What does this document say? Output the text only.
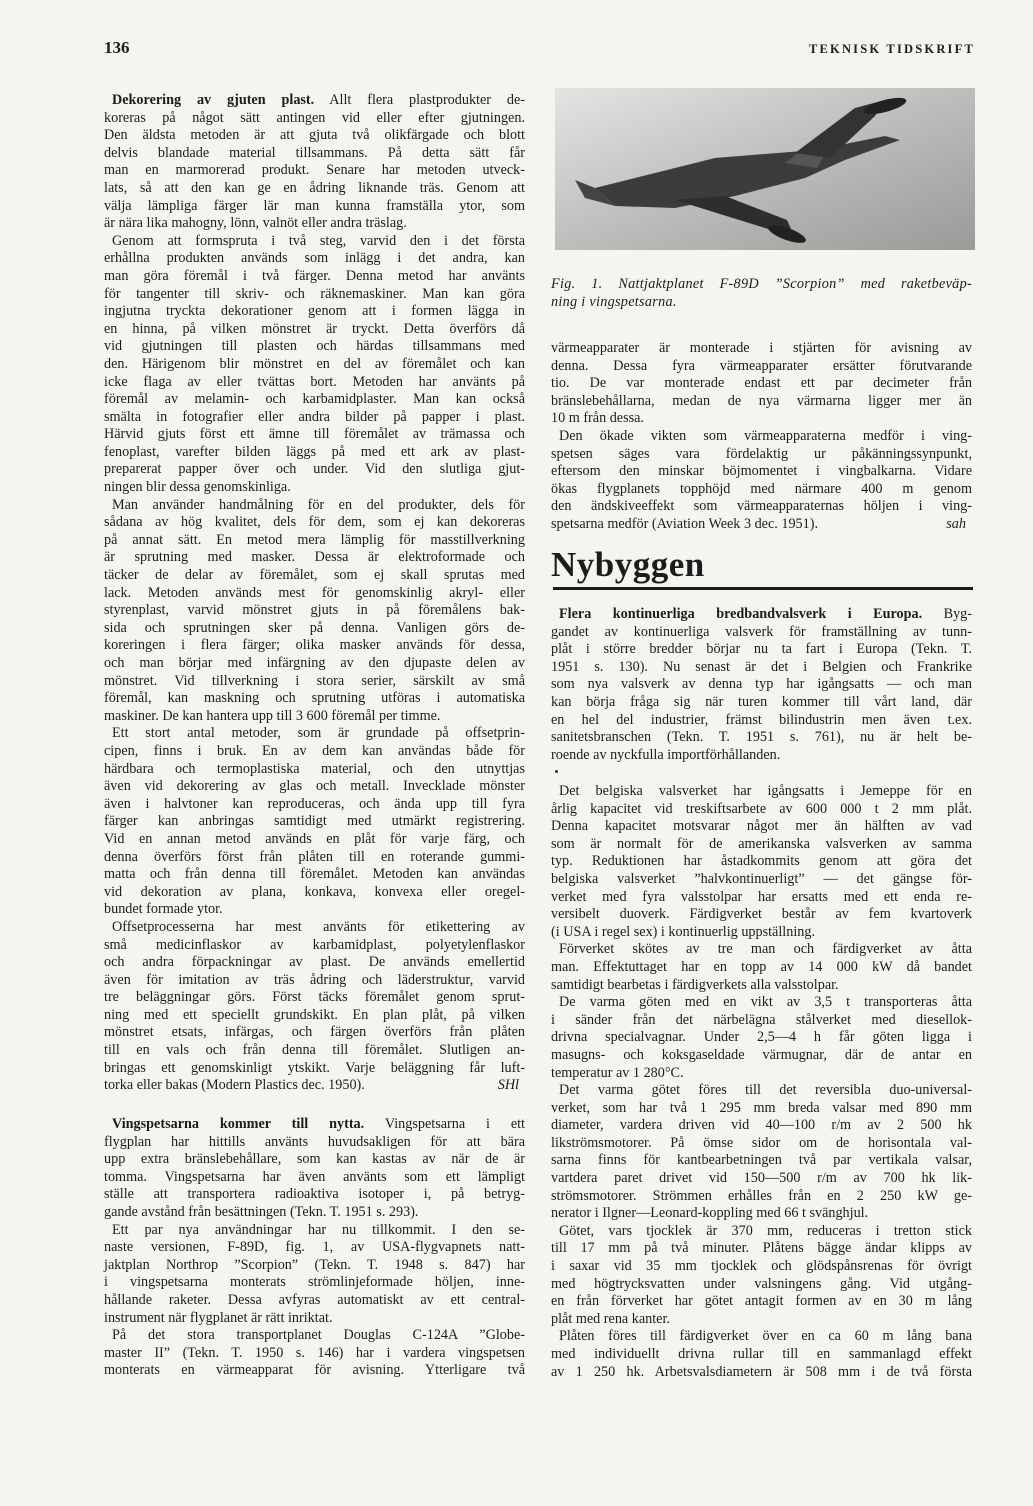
136	TEKNISK TIDSKRIFT
Dekorering av gjuten plast. Allt flera plastprodukter de-
koreras på något sätt antingen vid eller efter gjutningen.
Den äldsta metoden är att gjuta två olikfärgade och blott
delvis blandade material tillsammans. På detta sätt får
man en marmorerad produkt. Senare har metoden utveck-
lats, så att den kan ge en ådring liknande träs. Genom att
välja lämpliga färger lär man kunna framställa ytor, som
är nära lika mahogny, lönn, valnöt eller andra träslag.
Genom att formspruta i två steg, varvid den i det första
erhållna produkten används som inlägg i det andra, kan
man göra föremål i två färger. Denna metod har använts
för tangenter till skriv- och räknemaskiner. Man kan göra
ingjutna tryckta dekorationer genom att i formen lägga in
en hinna, på vilken mönstret är tryckt. Detta överförs då
vid gjutningen till plasten och härdas tillsammans med
den. Härigenom blir mönstret en del av föremålet och kan
icke flaga av eller tvättas bort. Metoden har använts på
föremål av melamin- och karbamidplaster. Man kan också
smälta in fotografier eller andra bilder på papper i plast.
Härvid gjuts först ett ämne till föremålet av trämassa och
fenoplast, varefter bilden läggs på med ett ark av plast-
preparerat papper över och under. Vid den slutliga gjut-
ningen blir dessa genomskinliga.
Man använder handmålning för en del produkter, dels för
sådana av hög kvalitet, dels för dem, som ej kan dekoreras
på annat sätt. En metod mera lämplig för masstillverkning
är sprutning med masker. Dessa är elektroformade och
täcker de delar av föremålet, som ej skall sprutas med
lack. Metoden används mest för genomskinlig akryl- eller
styrenplast, varvid mönstret gjuts in på föremålens bak-
sida och sprutningen sker på denna. Vanligen görs de-
koreringen i flera färger; olika masker används för dessa,
och man börjar med infärgning av den djupaste delen av
mönstret. Vid tillverkning i stora serier, särskilt av små
föremål, kan maskning och sprutning utföras i automatiska
maskiner. De kan hantera upp till 3 600 föremål per timme.
Ett stort antal metoder, som är grundade på offsetprin-
cipen, finns i bruk. En av dem kan användas både för
härdbara och termoplastiska material, och den utnyttjas
även vid dekorering av glas och metall. Invecklade mönster
även i halvtoner kan reproduceras, och ända upp till fyra
färger kan anbringas samtidigt med utmärkt registrering.
Vid en annan metod används en plåt för varje färg, och
denna överförs först från plåten till en roterande gummi-
matta och från denna till föremålet. Metoden kan användas
vid dekoration av plana, konkava, konvexa eller oregel-
bundet formade ytor.
Offsetprocesserna har mest använts för etikettering av
små medicinflaskor av karbamidplast, polyetylenflaskor
och andra förpackningar av plast. De används emellertid
även för imitation av träs ådring och läderstruktur, varvid
tre beläggningar görs. Först täcks föremålet genom sprut-
ning med ett speciellt grundskikt. En plan plåt, på vilken
mönstret etsats, infärgas, och färgen överförs från plåten
till en vals och från denna till föremålet. Slutligen an-
bringas ett genomskinligt ytskikt. Varje beläggning får luft-
torka eller bakas (Modern Plastics dec. 1950).	SHl
Vingspetsarna kommer till nytta. Vingspetsarna i ett
flygplan har hittills använts huvudsakligen för att bära
upp extra bränslebehållare, som kan kastas av när de är
tomma. Vingspetsarna har även använts som ett lämpligt
ställe att transportera radioaktiva isotoper i, på betryg-
gande avstånd från besättningen (Tekn. T. 1951 s. 293).
Ett par nya användningar har nu tillkommit. I den se-
naste versionen, F-89D, fig. 1, av USA-flygvapnets natt-
jaktplan Northrop ”Scorpion” (Tekn. T. 1948 s. 847) har
i vingspetsarna monterats strömlinjeformade höljen, inne-
hållande raketer. Dessa avfyras automatiskt av ett central-
instrument när flygplanet är rätt inriktat.
På det stora transportplanet Douglas C-124A ”Globe-
master II” (Tekn. T. 1950 s. 146) har i vardera vingspetsen
monterats en värmeapparat för avisning. Ytterligare två
Fig. 1. Nattjaktplanet F-89D ”Scorpion” med raketbeväp-
ning i vingspetsarna.
värmeapparater är monterade i stjärten för avisning av
denna. Dessa fyra värmeapparater ersätter förutvarande
tio. De var monterade endast ett par decimeter från
bränslebehållarna, medan de nya värmarna ligger mer än
10 m från dessa.
Den ökade vikten som värmeapparaterna medför i ving-
spetsen säges vara fördelaktig ur påkänningssynpunkt,
eftersom den minskar böjmomentet i vingbalkarna. Vidare
ökas flygplanets topphöjd med närmare 400 m genom
den ändskiveeffekt som värmeapparaternas höljen i ving-
spetsarna medför (Aviation Week 3 dec. 1951).	sah
Nybyggen
Flera kontinuerliga bredbandvalsverk i Europa. Byg-
gandet av kontinuerliga valsverk för framställning av tunn-
plåt i större bredder börjar nu ta fart i Europa (Tekn. T.
1951 s. 130). Nu senast är det i Belgien och Frankrike
som nya valsverk av denna typ har igångsatts — och man
kan börja fråga sig när turen kommer till vårt land, där
en hel del industrier, främst bilindustrin men även t.ex.
sanitetsbranschen (Tekn. T. 1951 s. 761), nu är helt be-
roende av nyckfulla importförhållanden.
Det belgiska valsverket har igångsatts i Jemeppe för en
årlig kapacitet vid treskiftsarbete av 600 000 t 2 mm plåt.
Denna kapacitet motsvarar något mer än hälften av vad
som är normalt för de amerikanska valsverken av samma
typ. Reduktionen har åstadkommits genom att göra det
belgiska valsverket ”halvkontinuerligt” — det gängse för-
verket med fyra valsstolpar har ersatts med ett enda re-
versibelt duoverk. Färdigverket består av fem kvartoverk
(i USA i regel sex) i kontinuerlig uppställning.
Förverket skötes av tre man och färdigverket av åtta
man. Effektuttaget har en topp av 14 000 kW då bandet
samtidigt bearbetas i färdigverkets alla valsstolpar.
De varma göten med en vikt av 3,5 t transporteras åtta
i sänder från det närbelägna stålverket med diesellok-
drivna specialvagnar. Under 2,5—4 h får göten ligga i
masugns- och koksgaseldade värmugnar, där de antar en
temperatur av 1 280°C.
Det varma götet föres till det reversibla duo-universal-
verket, som har två 1 295 mm breda valsar med 890 mm
diameter, vardera driven vid 40—100 r/m av 2 500 hk
likströmsmotorer. På ömse sidor om de horisontala val-
sarna finns för kantbearbetningen två par vertikala valsar,
vartdera paret drivet vid 150—500 r/m av 700 hk lik-
strömsmotorer. Strömmen erhålles från en 2 250 kW ge-
nerator i Ilgner—Leonard-koppling med 66 t svänghjul.
Götet, vars tjocklek är 370 mm, reduceras i tretton stick
till 17 mm på två minuter. Plåtens bägge ändar klipps av
i saxar vid 35 mm tjocklek och glödspånsrenas för övrigt
med högtrycksvatten under valsningens gång. Vid utgång-
en från förverket har götet antagit formen av en 30 m lång
plåt med rena kanter.
Plåten föres till färdigverket över en ca 60 m lång bana
med individuellt drivna rullar till en sammanlagd effekt
av 1 250 hk. Arbetsvalsdiametern är 508 mm i de två första
